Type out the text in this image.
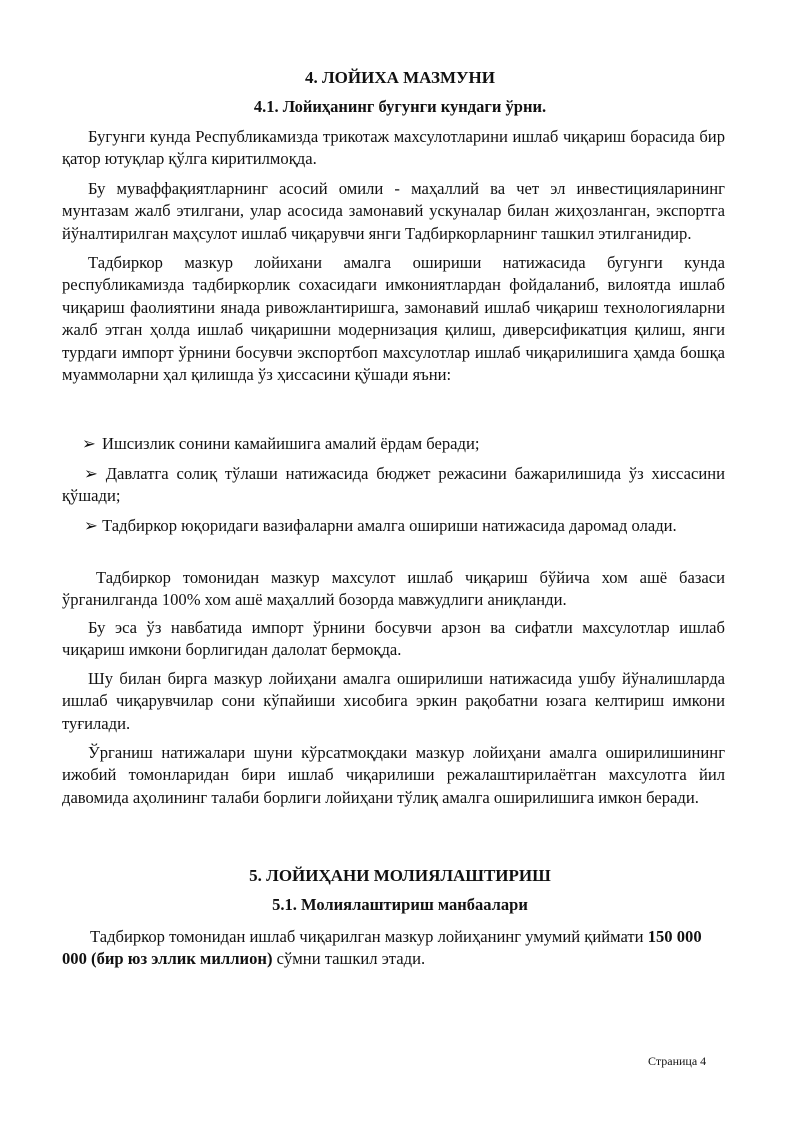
4. ЛОЙИХА МАЗМУНИ
4.1. Лойиҳанинг бугунги кундаги ўрни.

Бугунги кунда Республикамизда трикотаж махсулотларини ишлаб чиқариш борасида бир қатор ютуқлар қўлга киритилмоқда.

Бу муваффақиятларнинг асосий омили - маҳаллий ва чет эл инвестицияларининг мунтазам жалб этилгани, улар асосида замонавий ускуналар билан жиҳозланган, экспортга йўналтирилган маҳсулот ишлаб чиқарувчи янги Тадбиркорларнинг ташкил этилганидир.

Тадбиркор мазкур лойихани амалга ошириши натижасида бугунги кунда республикамизда тадбиркорлик сохасидаги имкониятлардан фойдаланиб, вилоятда ишлаб чиқариш фаолиятини янада ривожлантиришга, замонавий ишлаб чиқариш технологияларни жалб этган ҳолда ишлаб чиқаришни модернизация қилиш, диверсификатция қилиш, янги турдаги импорт ўрнини босувчи экспортбоп махсулотлар ишлаб чиқарилишига ҳамда бошқа муаммоларни ҳал қилишда ўз ҳиссасини қўшади яъни:

➢ Ишсизлик сонини камайишига амалий ёрдам беради;
➢ Давлатга солиқ тўлаши натижасида бюджет режасини бажарилишида ўз хиссасини қўшади;
➢ Тадбиркор юқоридаги вазифаларни амалга ошириши натижасида даромад олади.

Тадбиркор томонидан мазкур махсулот ишлаб чиқариш бўйича хом ашё базаси ўрганилганда 100% хом ашё маҳаллий бозорда мавжудлиги аниқланди.

Бу эса ўз навбатида импорт ўрнини босувчи арзон ва сифатли махсулотлар ишлаб чиқариш имкони борлигидан далолат бермоқда.

Шу билан бирга мазкур лойиҳани амалга оширилиши натижасида ушбу йўналишларда ишлаб чиқарувчилар сони кўпайиши хисобига эркин рақобатни юзага келтириш имкони туғилади.

Ўрганиш натижалари шуни кўрсатмоқдаки мазкур лойиҳани амалга оширилишининг ижобий томонларидан бири ишлаб чиқарилиши режалаштирилаётган махсулотга йил давомида аҳолининг талаби борлиги лойиҳани тўлиқ амалга оширилишига имкон беради.

5. ЛОЙИҲАНИ МОЛИЯЛАШТИРИШ
5.1. Молиялаштириш манбаалари

Тадбиркор томонидан ишлаб чиқарилган мазкур лойиҳанинг умумий қиймати 150 000 000 (бир юз эллик миллион) сўмни ташкил этади.

Страница 4
